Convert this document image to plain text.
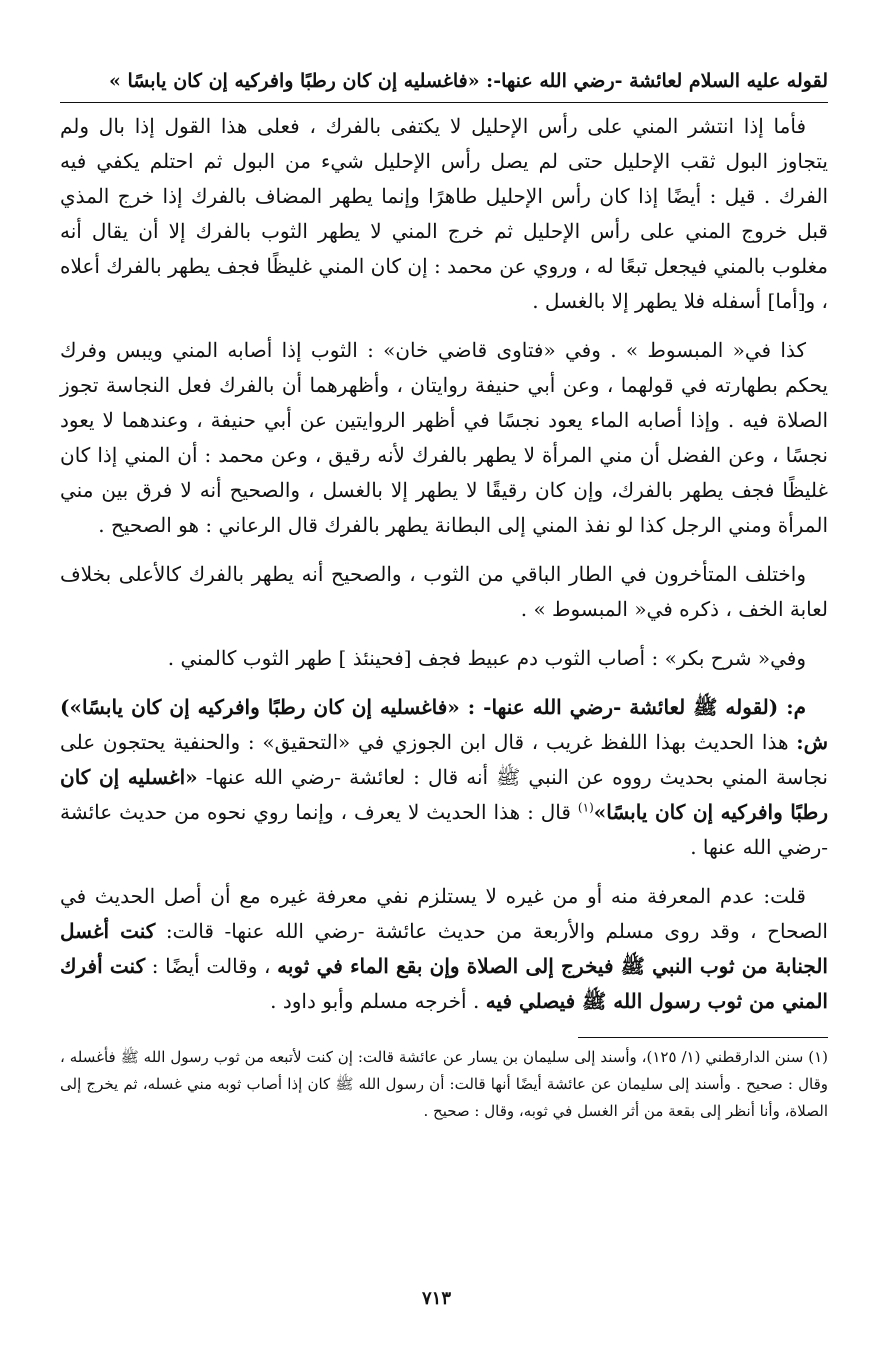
لقوله عليه السلام لعائشة -رضي الله عنها-: «فاغسليه إن كان رطبًا وافركيه إن كان يابسًا »

فأما إذا انتشر المني على رأس الإحليل لا يكتفى بالفرك ، فعلى هذا القول إذا بال ولم يتجاوز البول ثقب الإحليل حتى لم يصل رأس الإحليل شيء من البول ثم احتلم يكفي فيه الفرك . قيل : أيضًا إذا كان رأس الإحليل طاهرًا وإنما يطهر المضاف بالفرك إذا خرج المذي قبل خروج المني على رأس الإحليل ثم خرج المني لا يطهر الثوب بالفرك إلا أن يقال أنه مغلوب بالمني فيجعل تبعًا له ، وروي عن محمد : إن كان المني غليظًا فجف يطهر بالفرك أعلاه ، و[أما] أسفله فلا يطهر إلا بالغسل .

كذا في« المبسوط » . وفي «فتاوى قاضي خان» : الثوب إذا أصابه المني ويبس وفرك يحكم بطهارته في قولهما ، وعن أبي حنيفة روايتان ، وأظهرهما أن بالفرك فعل النجاسة تجوز الصلاة فيه . وإذا أصابه الماء يعود نجسًا في أظهر الروايتين عن أبي حنيفة ، وعندهما لا يعود نجسًا ، وعن الفضل أن مني المرأة لا يطهر بالفرك لأنه رقيق ، وعن محمد : أن المني إذا كان غليظًا فجف يطهر بالفرك، وإن كان رقيقًا لا يطهر إلا بالغسل ، والصحيح أنه لا فرق بين مني المرأة ومني الرجل كذا لو نفذ المني إلى البطانة يطهر بالفرك قال الرعاني : هو الصحيح .

واختلف المتأخرون في الطار الباقي من الثوب ، والصحيح أنه يطهر بالفرك كالأعلى بخلاف لعابة الخف ، ذكره في« المبسوط » .

وفي« شرح بكر» : أصاب الثوب دم عبيط فجف [فحينئذ ] طهر الثوب كالمني .

م: (لقوله ﷺ لعائشة -رضي الله عنها- : «فاغسليه إن كان رطبًا وافركيه إن كان يابسًا») ش: هذا الحديث بهذا اللفظ غريب ، قال ابن الجوزي في «التحقيق» : والحنفية يحتجون على نجاسة المني بحديث رووه عن النبي ﷺ أنه قال : لعائشة -رضي الله عنها- «اغسليه إن كان رطبًا وافركيه إن كان يابسًا»$^{(١)}$ قال : هذا الحديث لا يعرف ، وإنما روي نحوه من حديث عائشة -رضي الله عنها .

قلت: عدم المعرفة منه أو من غيره لا يستلزم نفي معرفة غيره مع أن أصل الحديث في الصحاح ، وقد روى مسلم والأربعة من حديث عائشة -رضي الله عنها- قالت: كنت أغسل الجنابة من ثوب النبي ﷺ فيخرج إلى الصلاة وإن بقع الماء في ثوبه ، وقالت أيضًا : كنت أفرك المني من ثوب رسول الله ﷺ فيصلي فيه . أخرجه مسلم وأبو داود .

(١) سنن الدارقطني (١/ ١٢٥)، وأسند إلى سليمان بن يسار عن عائشة قالت: إن كنت لأتبعه من ثوب رسول الله ﷺ فأغسله ، وقال : صحيح . وأسند إلى سليمان عن عائشة أيضًا أنها قالت: أن رسول الله ﷺ كان إذا أصاب ثوبه مني غسله، ثم يخرج إلى الصلاة، وأنا أنظر إلى بقعة من أثر الغسل في ثوبه، وقال : صحيح .

٧١٣
